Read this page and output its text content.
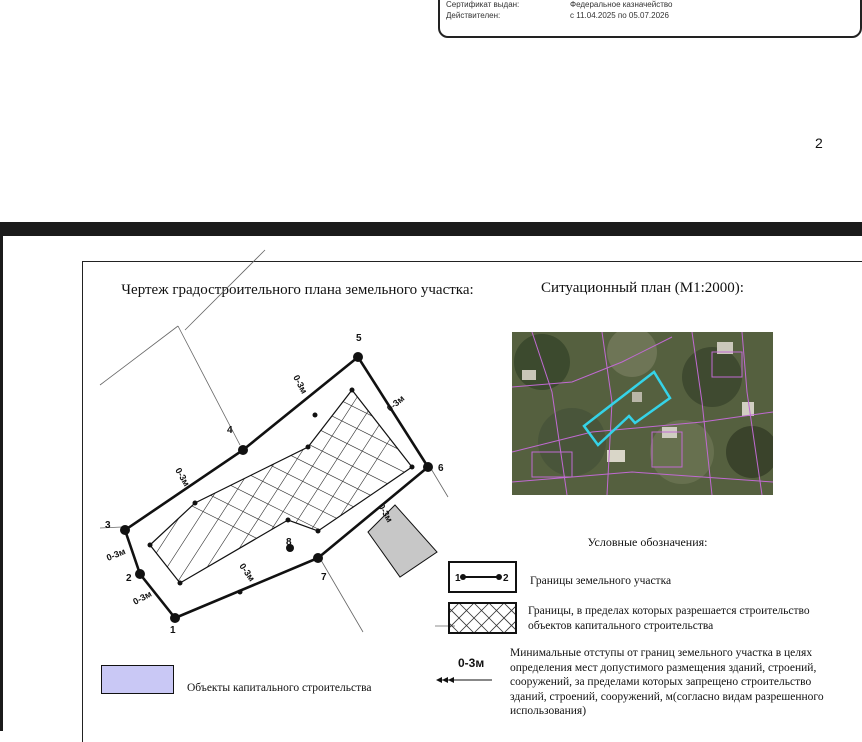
Сертификат выдан:	Федеральное казначейство
Действителен:	с 11.04.2025 по 05.07.2026
2
Чертеж градостроительного плана земельного участка:	Ситуационный план (М1:2000):
1
2
3
4
5
6
7
8
0-3м
0-3м
0-3м
0-3м
0-3м
0-3м
0-3м
Условные обозначения:
1	2 Границы земельного участка
Границы, в пределах которых разрешается строительство объектов капитального строительства
0-3м
Минимальные отступы от границ земельного участка в целях определения мест допустимого размещения зданий, строений, сооружений, за пределами которых запрещено строительство зданий, строений, сооружений, м(согласно видам разрешенного использования)
Объекты капитального строительства
